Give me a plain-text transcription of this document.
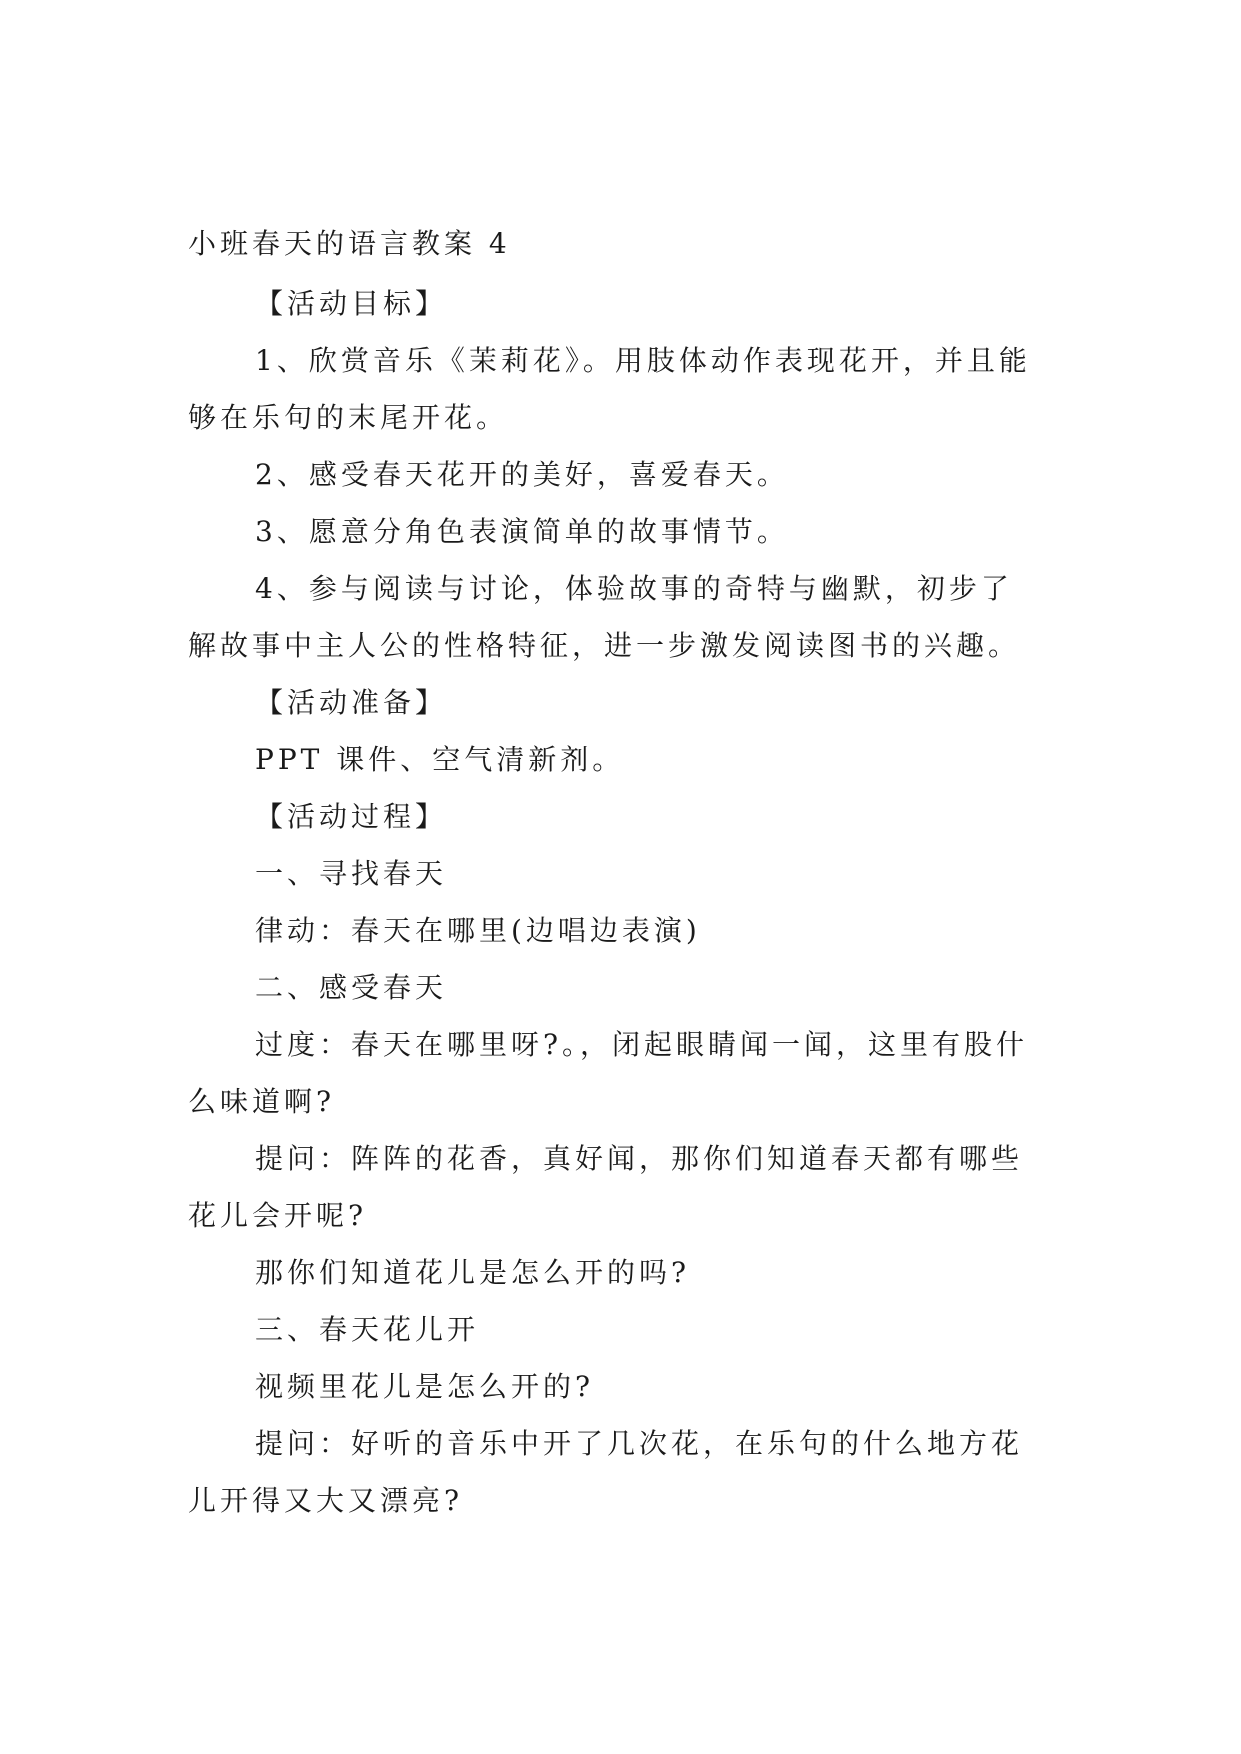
小班春天的语言教案 4
【活动目标】
1、欣赏音乐《茉莉花》。用肢体动作表现花开，并且能
够在乐句的末尾开花。
2、感受春天花开的美好，喜爱春天。
3、愿意分角色表演简单的故事情节。
4、参与阅读与讨论，体验故事的奇特与幽默，初步了
解故事中主人公的性格特征，进一步激发阅读图书的兴趣。
【活动准备】
PPT 课件、空气清新剂。
【活动过程】
一、寻找春天
律动：春天在哪里(边唱边表演)
二、感受春天
过度：春天在哪里呀?。，闭起眼睛闻一闻，这里有股什
么味道啊?
提问：阵阵的花香，真好闻，那你们知道春天都有哪些
花儿会开呢?
那你们知道花儿是怎么开的吗?
三、春天花儿开
视频里花儿是怎么开的?
提问：好听的音乐中开了几次花，在乐句的什么地方花
儿开得又大又漂亮?
